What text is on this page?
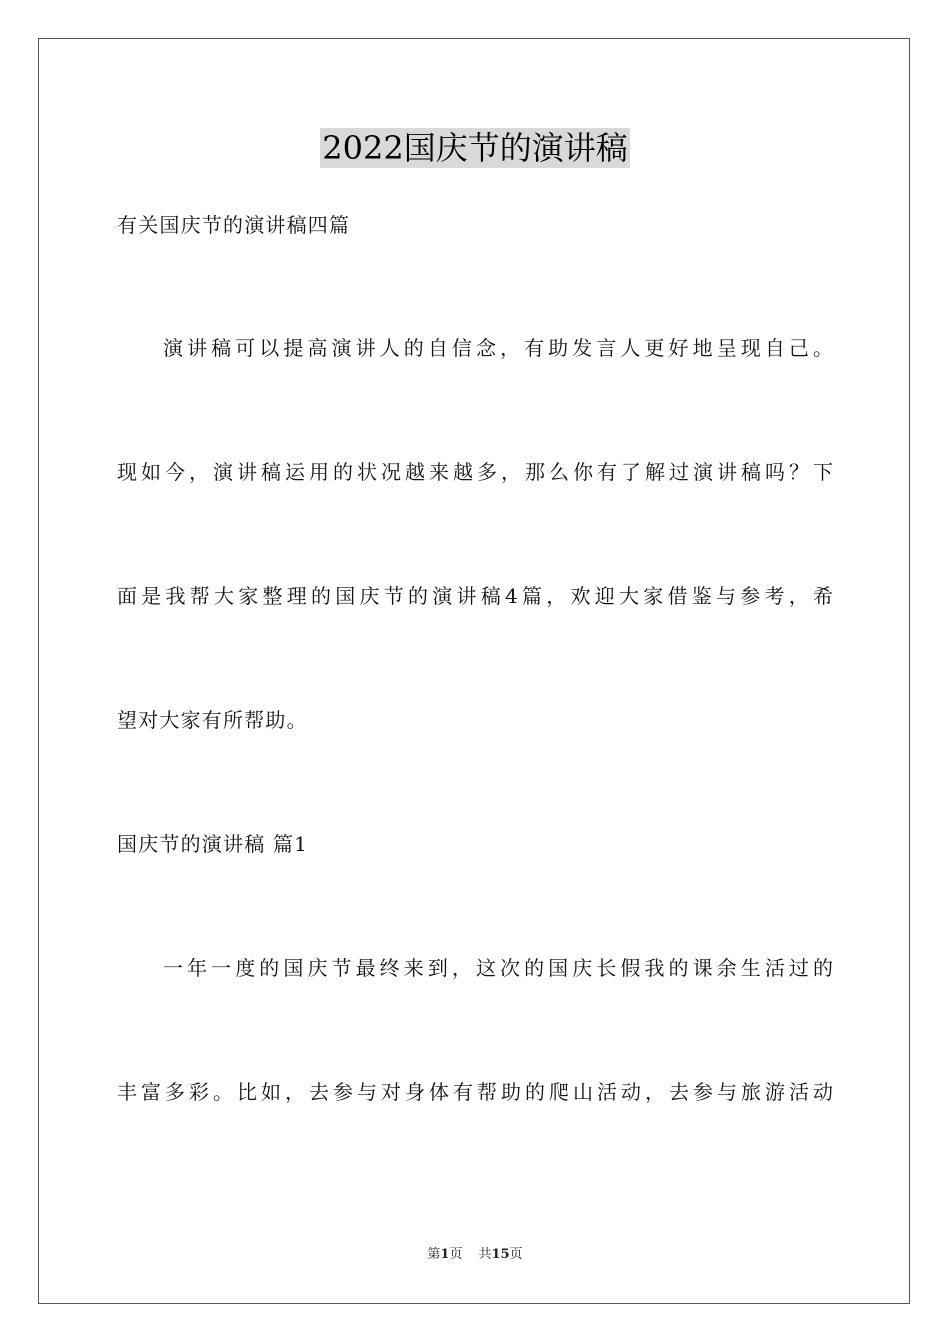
2022国庆节的演讲稿
有关国庆节的演讲稿四篇
演讲稿可以提高演讲人的自信念，有助发言人更好地呈现自己。
现如今，演讲稿运用的状况越来越多，那么你有了解过演讲稿吗？下
面是我帮大家整理的国庆节的演讲稿4篇，欢迎大家借鉴与参考，希
望对大家有所帮助。
国庆节的演讲稿 篇1
一年一度的国庆节最终来到，这次的国庆长假我的课余生活过的
丰富多彩。比如，去参与对身体有帮助的爬山活动，去参与旅游活动
第1页 共15页
